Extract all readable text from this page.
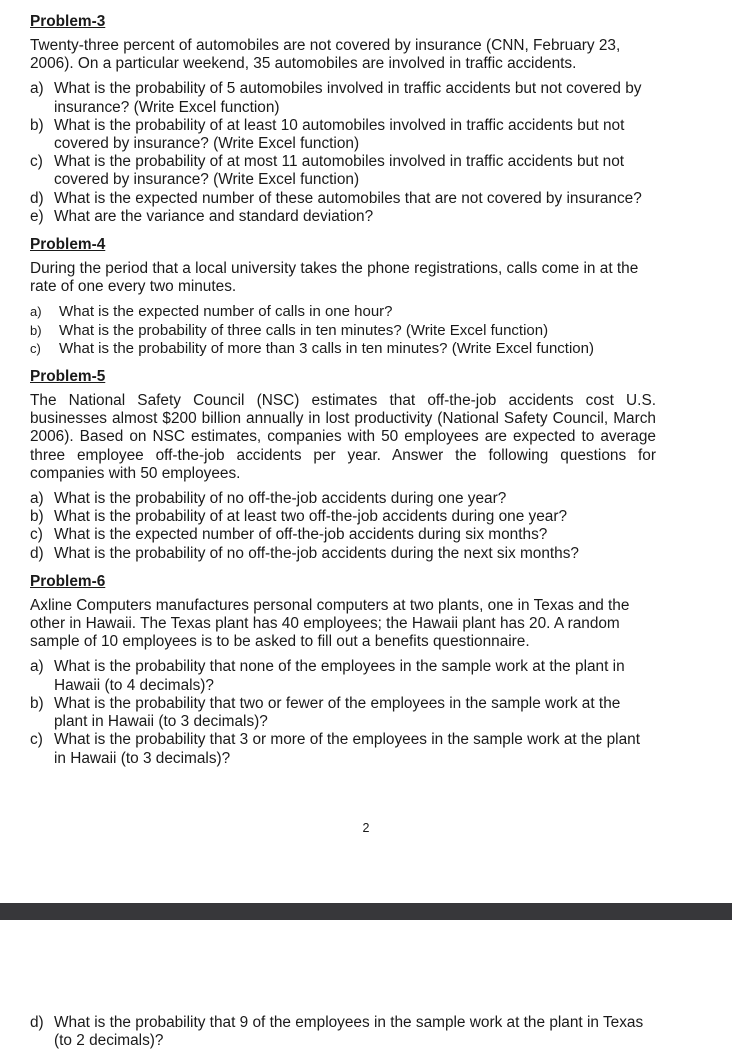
Problem-3
Twenty-three percent of automobiles are not covered by insurance (CNN, February 23, 2006). On a particular weekend, 35 automobiles are involved in traffic accidents.
a) What is the probability of 5 automobiles involved in traffic accidents but not covered by insurance? (Write Excel function)
b) What is the probability of at least 10 automobiles involved in traffic accidents but not covered by insurance? (Write Excel function)
c) What is the probability of at most 11 automobiles involved in traffic accidents but not covered by insurance? (Write Excel function)
d) What is the expected number of these automobiles that are not covered by insurance?
e) What are the variance and standard deviation?
Problem-4
During the period that a local university takes the phone registrations, calls come in at the rate of one every two minutes.
a) What is the expected number of calls in one hour?
b) What is the probability of three calls in ten minutes? (Write Excel function)
c) What is the probability of more than 3 calls in ten minutes? (Write Excel function)
Problem-5
The National Safety Council (NSC) estimates that off-the-job accidents cost U.S. businesses almost $200 billion annually in lost productivity (National Safety Council, March 2006). Based on NSC estimates, companies with 50 employees are expected to average three employee off-the-job accidents per year. Answer the following questions for companies with 50 employees.
a) What is the probability of no off-the-job accidents during one year?
b) What is the probability of at least two off-the-job accidents during one year?
c) What is the expected number of off-the-job accidents during six months?
d) What is the probability of no off-the-job accidents during the next six months?
Problem-6
Axline Computers manufactures personal computers at two plants, one in Texas and the other in Hawaii. The Texas plant has 40 employees; the Hawaii plant has 20. A random sample of 10 employees is to be asked to fill out a benefits questionnaire.
a) What is the probability that none of the employees in the sample work at the plant in Hawaii (to 4 decimals)?
b) What is the probability that two or fewer of the employees in the sample work at the plant in Hawaii (to 3 decimals)?
c) What is the probability that 3 or more of the employees in the sample work at the plant in Hawaii (to 3 decimals)?
2
d) What is the probability that 9 of the employees in the sample work at the plant in Texas (to 2 decimals)?
